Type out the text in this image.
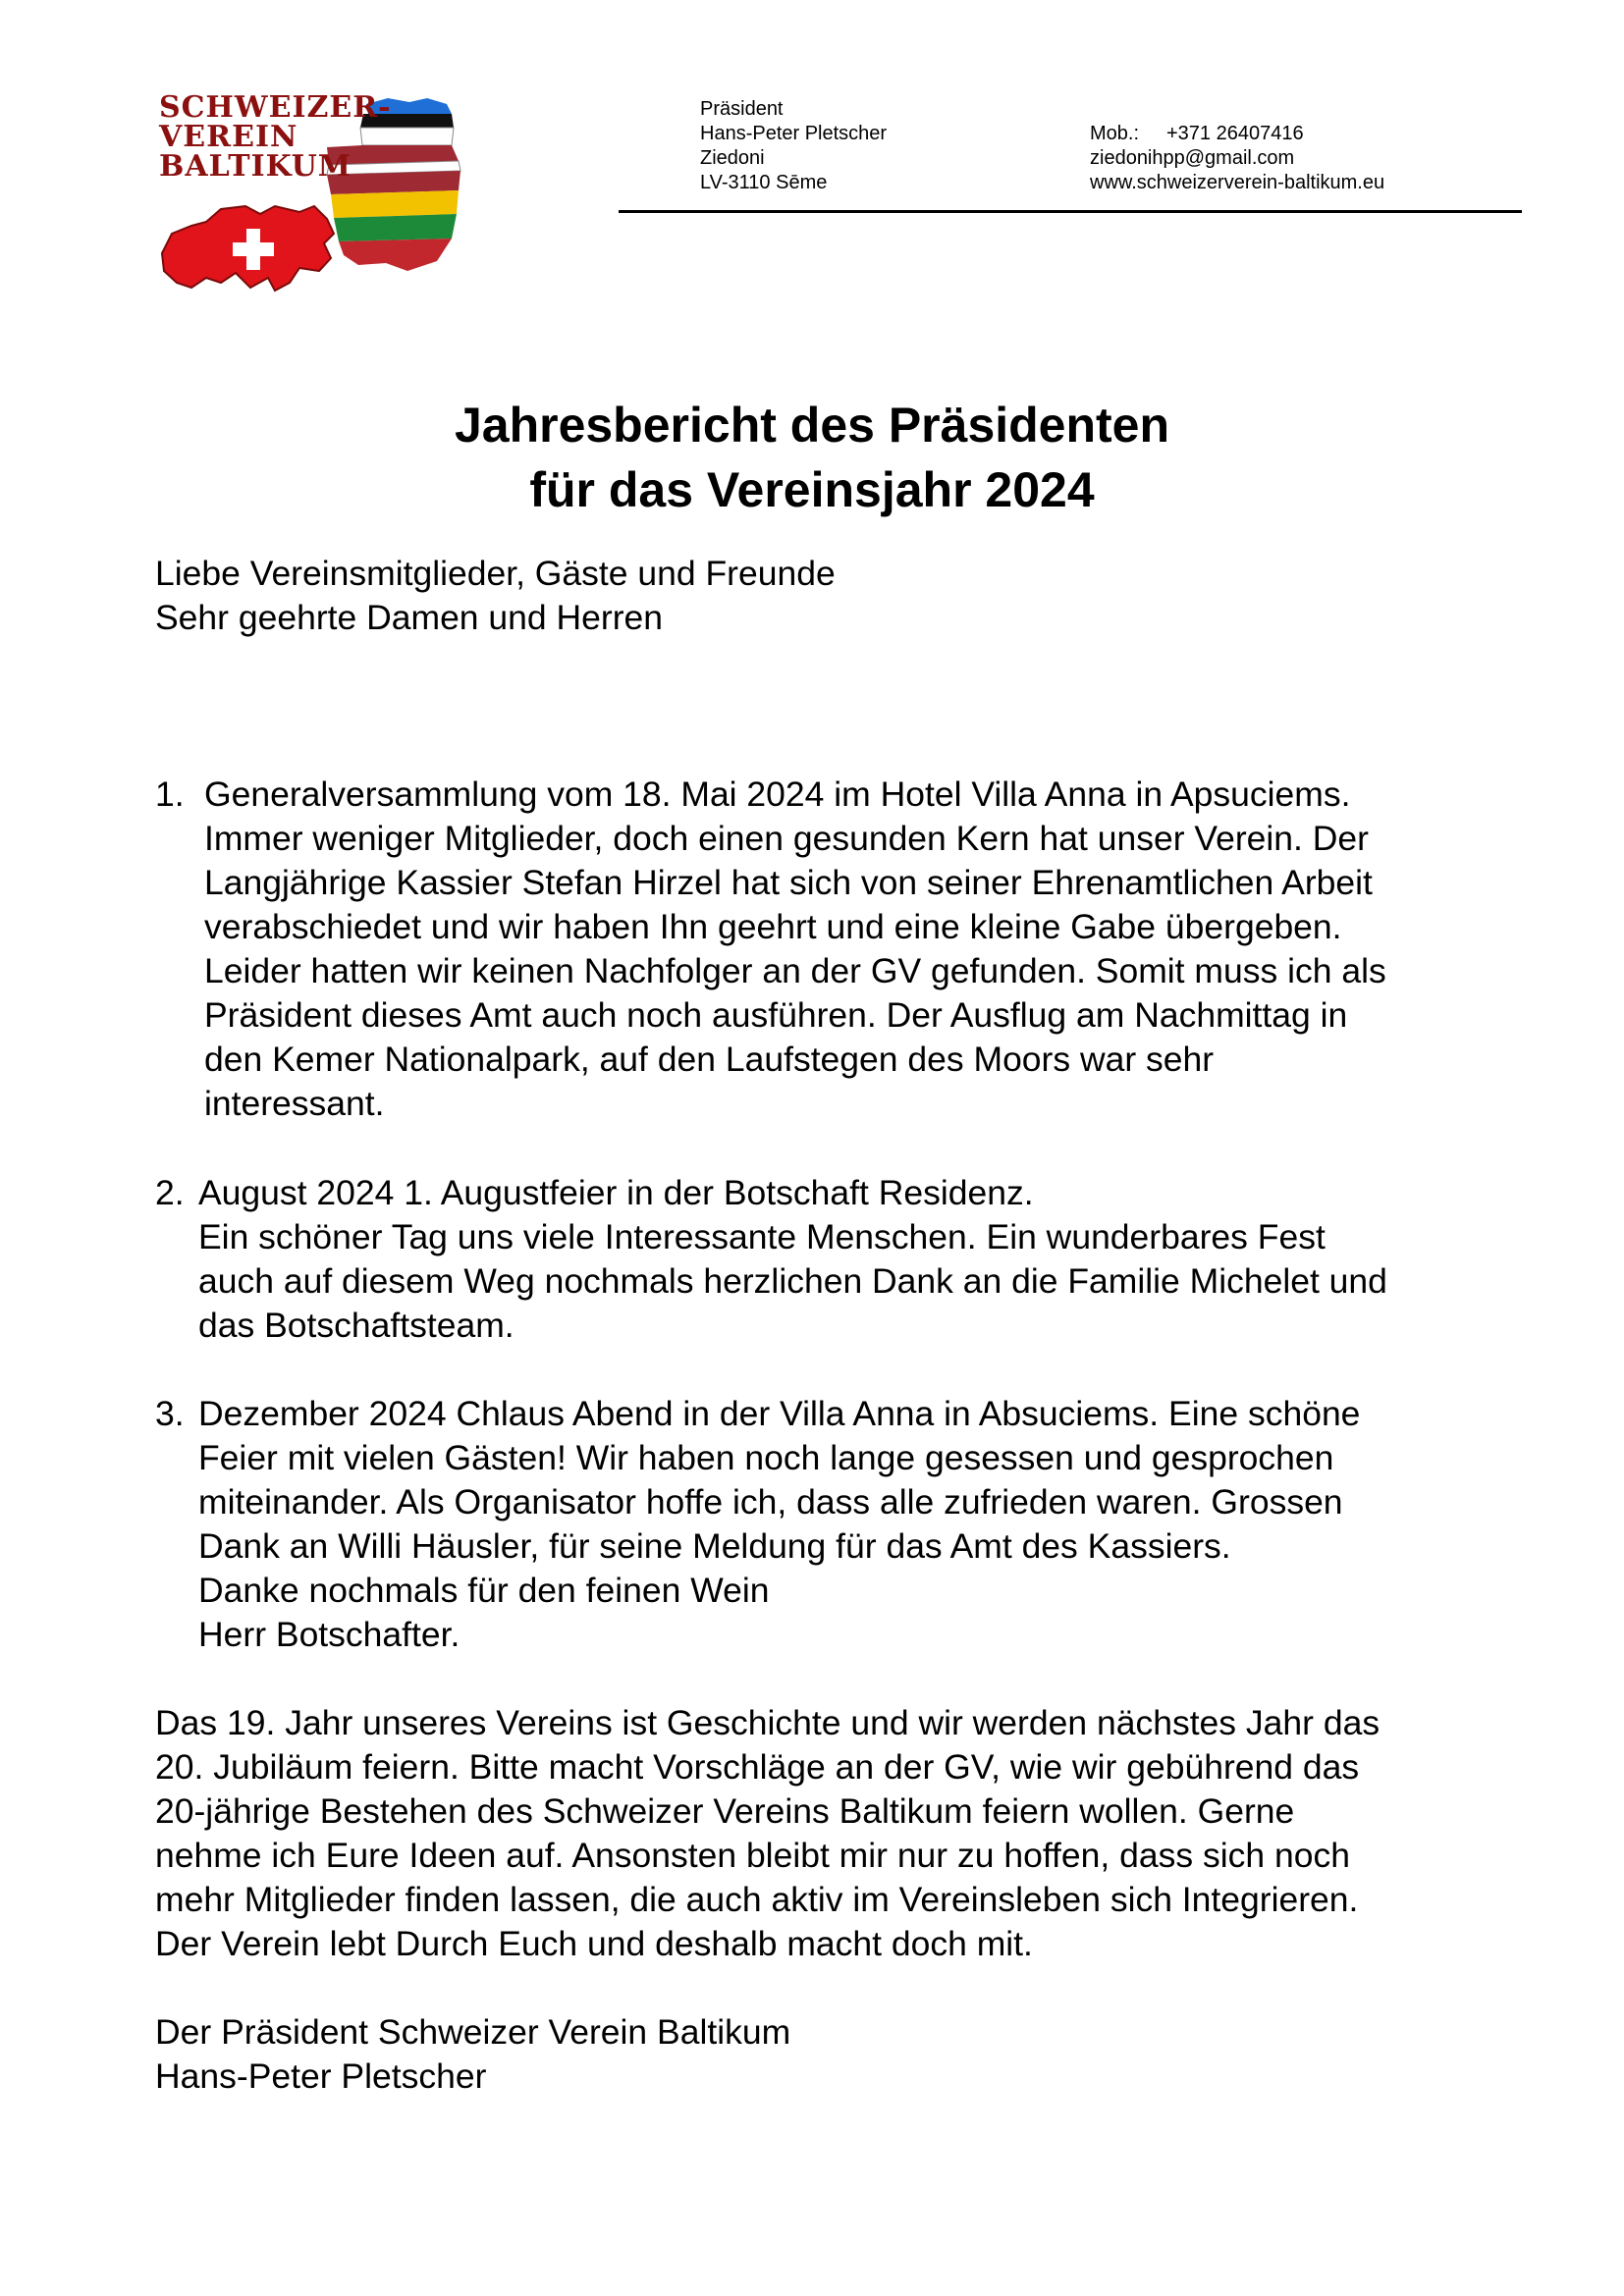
SCHWEIZER-
VEREIN
BALTIKUM
Präsident
Hans-Peter Pletscher
Ziedoni
LV-3110 Sēme
Mob.:	+371 26407416
ziedonihpp@gmail.com
www.schweizerverein-baltikum.eu
Jahresbericht des Präsidenten
für das Vereinsjahr 2024
Liebe Vereinsmitglieder, Gäste und Freunde
Sehr geehrte Damen und Herren
1. Generalversammlung vom 18. Mai 2024 im Hotel Villa Anna in Apsuciems.
Immer weniger Mitglieder, doch einen gesunden Kern hat unser Verein. Der
Langjährige Kassier Stefan Hirzel hat sich von seiner Ehrenamtlichen Arbeit
verabschiedet und wir haben Ihn geehrt und eine kleine Gabe übergeben.
Leider hatten wir keinen Nachfolger an der GV gefunden. Somit muss ich als
Präsident dieses Amt auch noch ausführen. Der Ausflug am Nachmittag in
den Kemer Nationalpark, auf den Laufstegen des Moors war sehr
interessant.
2. August 2024 1. Augustfeier in der Botschaft Residenz.
Ein schöner Tag uns viele Interessante Menschen. Ein wunderbares Fest
auch auf diesem Weg nochmals herzlichen Dank an die Familie Michelet und
das Botschaftsteam.
3. Dezember 2024 Chlaus Abend in der Villa Anna in Absuciems. Eine schöne
Feier mit vielen Gästen! Wir haben noch lange gesessen und gesprochen
miteinander. Als Organisator hoffe ich, dass alle zufrieden waren. Grossen
Dank an Willi Häusler, für seine Meldung für das Amt des Kassiers.
Danke nochmals für den feinen Wein
Herr Botschafter.
Das 19. Jahr unseres Vereins ist Geschichte und wir werden nächstes Jahr das
20. Jubiläum feiern. Bitte macht Vorschläge an der GV, wie wir gebührend das
20-jährige Bestehen des Schweizer Vereins Baltikum feiern wollen. Gerne
nehme ich Eure Ideen auf. Ansonsten bleibt mir nur zu hoffen, dass sich noch
mehr Mitglieder finden lassen, die auch aktiv im Vereinsleben sich Integrieren.
Der Verein lebt Durch Euch und deshalb macht doch mit.
Der Präsident Schweizer Verein Baltikum
Hans-Peter Pletscher
